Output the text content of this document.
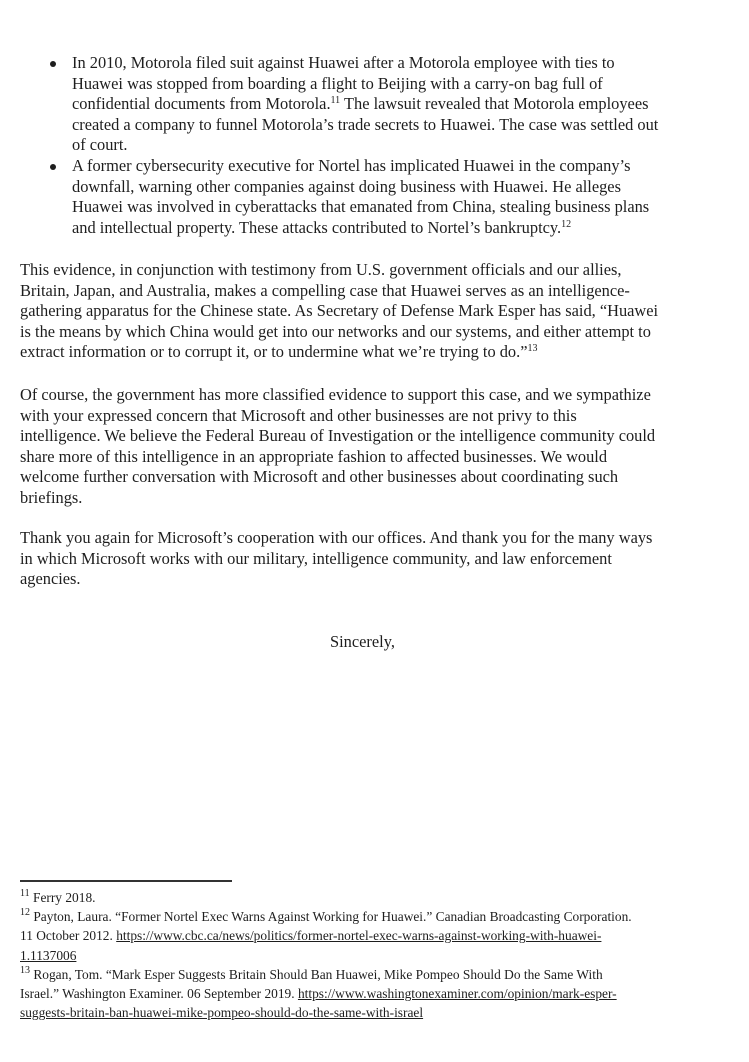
In 2010, Motorola filed suit against Huawei after a Motorola employee with ties to
Huawei was stopped from boarding a flight to Beijing with a carry-on bag full of
confidential documents from Motorola.$^{11}$ The lawsuit revealed that Motorola employees
created a company to funnel Motorola’s trade secrets to Huawei. The case was settled out
of court.
A former cybersecurity executive for Nortel has implicated Huawei in the company’s
downfall, warning other companies against doing business with Huawei. He alleges
Huawei was involved in cyberattacks that emanated from China, stealing business plans
and intellectual property. These attacks contributed to Nortel’s bankruptcy.$^{12}$
This evidence, in conjunction with testimony from U.S. government officials and our allies,
Britain, Japan, and Australia, makes a compelling case that Huawei serves as an intelligence-
gathering apparatus for the Chinese state. As Secretary of Defense Mark Esper has said, “Huawei
is the means by which China would get into our networks and our systems, and either attempt to
extract information or to corrupt it, or to undermine what we’re trying to do.”$^{13}$
Of course, the government has more classified evidence to support this case, and we sympathize
with your expressed concern that Microsoft and other businesses are not privy to this
intelligence. We believe the Federal Bureau of Investigation or the intelligence community could
share more of this intelligence in an appropriate fashion to affected businesses. We would
welcome further conversation with Microsoft and other businesses about coordinating such
briefings.
Thank you again for Microsoft’s cooperation with our offices. And thank you for the many ways
in which Microsoft works with our military, intelligence community, and law enforcement
agencies.
Sincerely,
$^{11}$ Ferry 2018.
$^{12}$ Payton, Laura. “Former Nortel Exec Warns Against Working for Huawei.” Canadian Broadcasting Corporation.
11 October 2012. https://www.cbc.ca/news/politics/former-nortel-exec-warns-against-working-with-huawei-
1.1137006
$^{13}$ Rogan, Tom. “Mark Esper Suggests Britain Should Ban Huawei, Mike Pompeo Should Do the Same With
Israel.” Washington Examiner. 06 September 2019. https://www.washingtonexaminer.com/opinion/mark-esper-
suggests-britain-ban-huawei-mike-pompeo-should-do-the-same-with-israel
